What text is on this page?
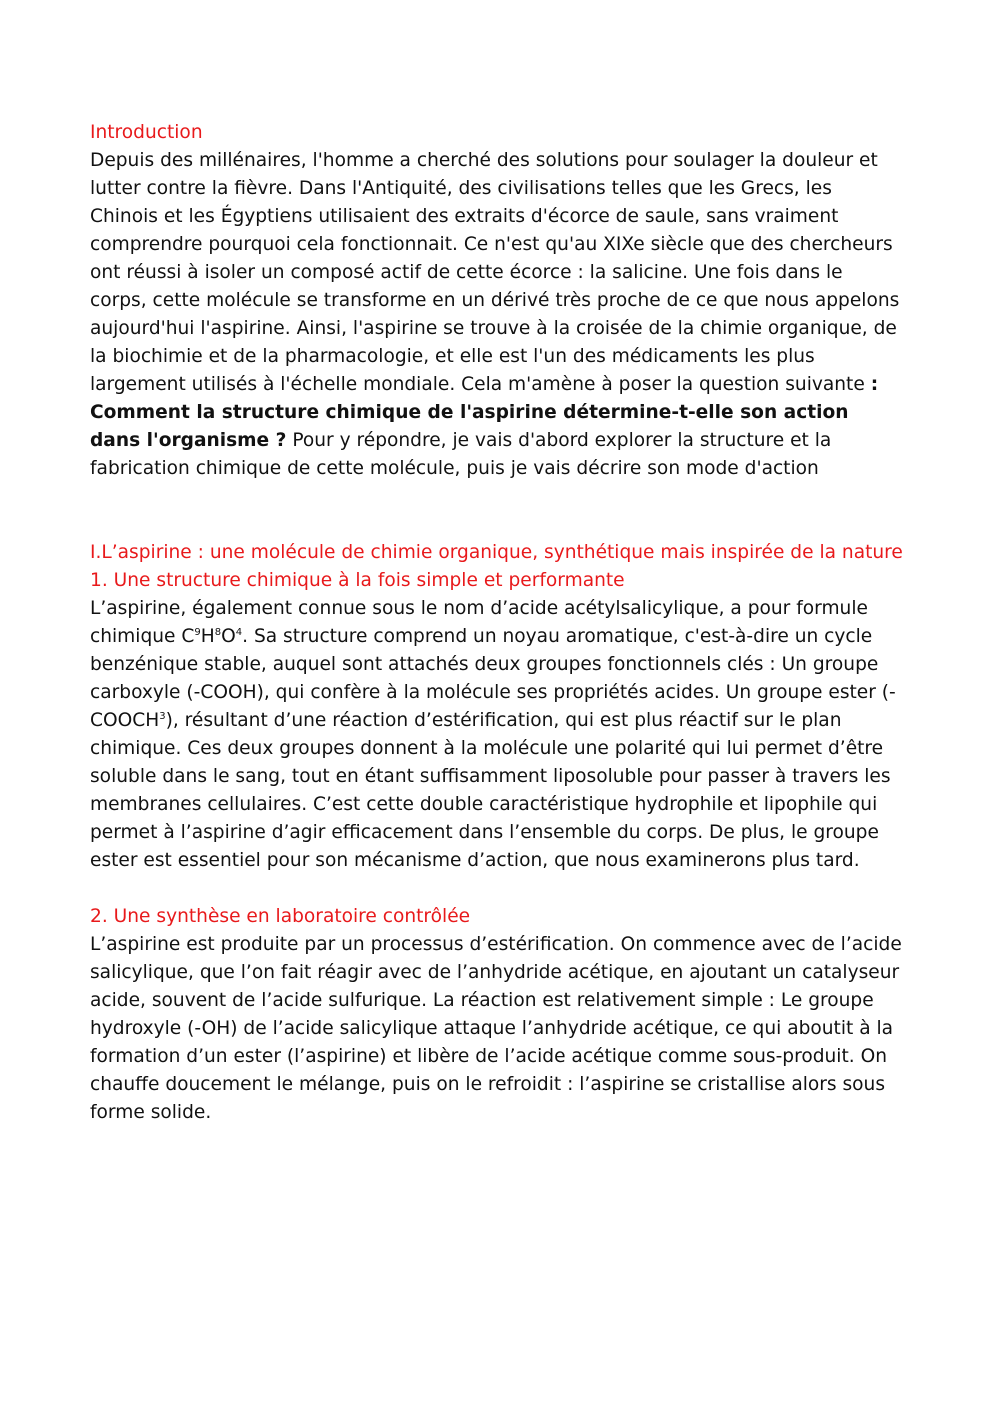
Introduction

Depuis des millénaires, l'homme a cherché des solutions pour soulager la douleur et lutter contre la fièvre. Dans l'Antiquité, des civilisations telles que les Grecs, les Chinois et les Égyptiens utilisaient des extraits d'écorce de saule, sans vraiment comprendre pourquoi cela fonctionnait. Ce n'est qu'au XIXe siècle que des chercheurs ont réussi à isoler un composé actif de cette écorce : la salicine. Une fois dans le corps, cette molécule se transforme en un dérivé très proche de ce que nous appelons aujourd'hui l'aspirine. Ainsi, l'aspirine se trouve à la croisée de la chimie organique, de la biochimie et de la pharmacologie, et elle est l'un des médicaments les plus largement utilisés à l'échelle mondiale. Cela m'amène à poser la question suivante : Comment la structure chimique de l'aspirine détermine-t-elle son action dans l'organisme ? Pour y répondre, je vais d'abord explorer la structure et la fabrication chimique de cette molécule, puis je vais décrire son mode d'action

I.L’aspirine : une molécule de chimie organique, synthétique mais inspirée de la nature
1. Une structure chimique à la fois simple et performante

L’aspirine, également connue sous le nom d’acide acétylsalicylique, a pour formule chimique $C^9H^8O^4$. Sa structure comprend un noyau aromatique, c'est-à-dire un cycle benzénique stable, auquel sont attachés deux groupes fonctionnels clés : Un groupe carboxyle (-COOH), qui confère à la molécule ses propriétés acides. Un groupe ester (-COOCH$^3$), résultant d’une réaction d’estérification, qui est plus réactif sur le plan chimique. Ces deux groupes donnent à la molécule une polarité qui lui permet d’être soluble dans le sang, tout en étant suffisamment liposoluble pour passer à travers les membranes cellulaires. C’est cette double caractéristique hydrophile et lipophile qui permet à l’aspirine d’agir efficacement dans l’ensemble du corps. De plus, le groupe ester est essentiel pour son mécanisme d’action, que nous examinerons plus tard.

2. Une synthèse en laboratoire contrôlée

L’aspirine est produite par un processus d’estérification. On commence avec de l’acide salicylique, que l’on fait réagir avec de l’anhydride acétique, en ajoutant un catalyseur acide, souvent de l’acide sulfurique. La réaction est relativement simple : Le groupe hydroxyle (-OH) de l’acide salicylique attaque l’anhydride acétique, ce qui aboutit à la formation d’un ester (l’aspirine) et libère de l’acide acétique comme sous-produit. On chauffe doucement le mélange, puis on le refroidit : l’aspirine se cristallise alors sous forme solide.
